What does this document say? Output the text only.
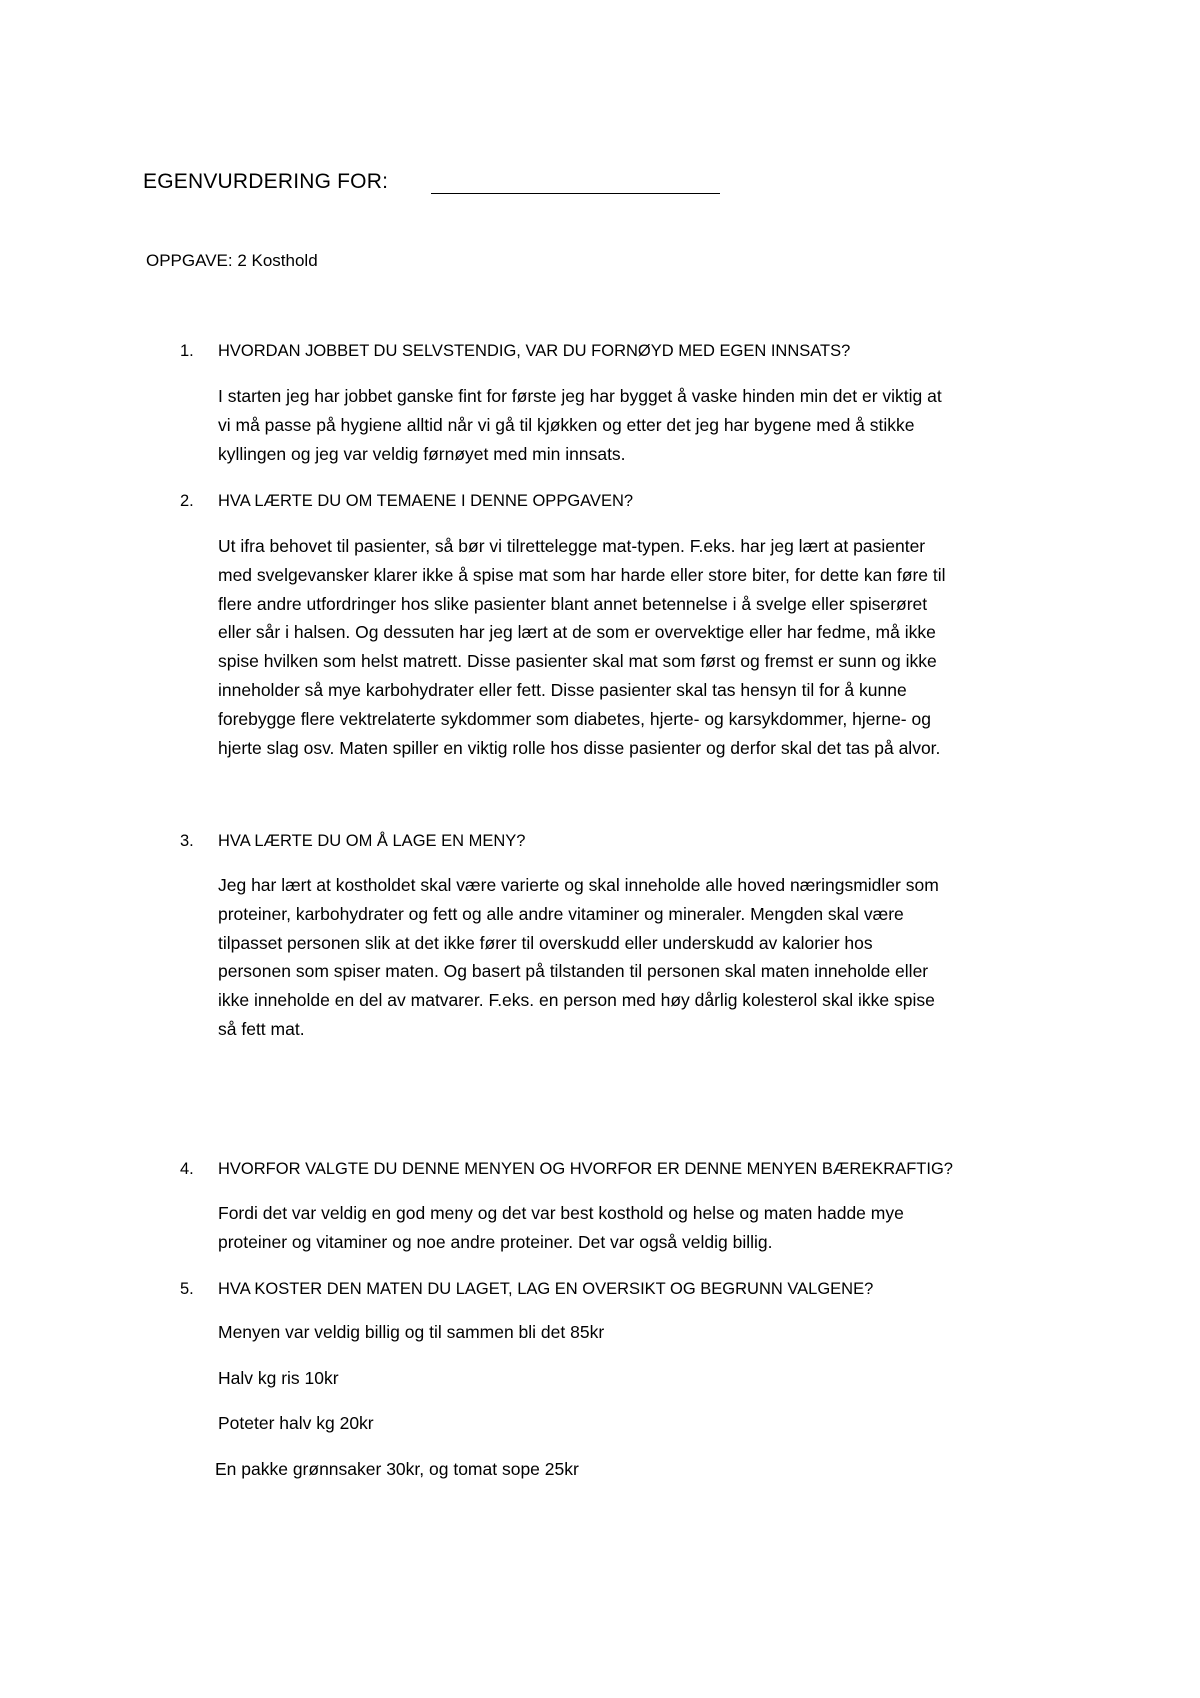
EGENVURDERING FOR:
OPPGAVE: 2 Kosthold
1. HVORDAN JOBBET DU SELVSTENDIG, VAR DU FORNØYD MED EGEN INNSATS?
I starten jeg har jobbet ganske fint for første jeg har bygget å vaske hinden min det er viktig at
vi må passe på hygiene alltid når vi gå til kjøkken og etter det jeg har bygene med å stikke
kyllingen og jeg var veldig førnøyet med min innsats.
2. HVA LÆRTE DU OM TEMAENE I DENNE OPPGAVEN?
Ut ifra behovet til pasienter, så bør vi tilrettelegge mat-typen. F.eks. har jeg lært at pasienter
med svelgevansker klarer ikke å spise mat som har harde eller store biter, for dette kan føre til
flere andre utfordringer hos slike pasienter blant annet betennelse i å svelge eller spiserøret
eller sår i halsen. Og dessuten har jeg lært at de som er overvektige eller har fedme, må ikke
spise hvilken som helst matrett. Disse pasienter skal mat som først og fremst er sunn og ikke
inneholder så mye karbohydrater eller fett. Disse pasienter skal tas hensyn til for å kunne
forebygge flere vektrelaterte sykdommer som diabetes, hjerte- og karsykdommer, hjerne- og
hjerte slag osv. Maten spiller en viktig rolle hos disse pasienter og derfor skal det tas på alvor.
3. HVA LÆRTE DU OM Å LAGE EN MENY?
Jeg har lært at kostholdet skal være varierte og skal inneholde alle hoved næringsmidler som
proteiner, karbohydrater og fett og alle andre vitaminer og mineraler. Mengden skal være
tilpasset personen slik at det ikke fører til overskudd eller underskudd av kalorier hos
personen som spiser maten. Og basert på tilstanden til personen skal maten inneholde eller
ikke inneholde en del av matvarer. F.eks. en person med høy dårlig kolesterol skal ikke spise
så fett mat.
4. HVORFOR VALGTE DU DENNE MENYEN OG HVORFOR ER DENNE MENYEN BÆREKRAFTIG?
Fordi det var veldig en god meny og det var best kosthold og helse og maten hadde mye
proteiner og vitaminer og noe andre proteiner. Det var også veldig billig.
5. HVA KOSTER DEN MATEN DU LAGET, LAG EN OVERSIKT OG BEGRUNN VALGENE?
Menyen var veldig billig og til sammen bli det 85kr
Halv kg ris 10kr
Poteter halv kg 20kr
En pakke grønnsaker 30kr, og tomat sope 25kr
